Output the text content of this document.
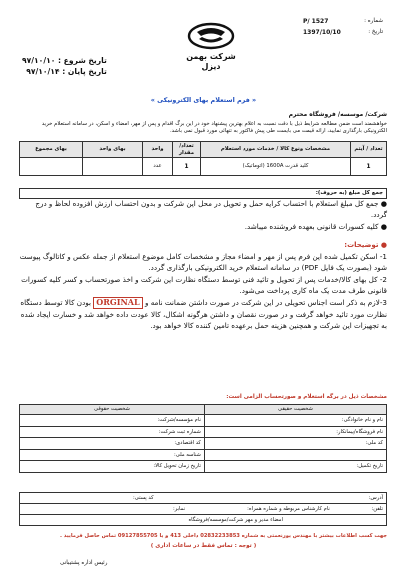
شماره :
P/ 1527
تاریخ :
1397/10/10
شرکت بهمن دیزل
تاریخ شروع : ۹۷/۱۰/۱۰
تاریخ پایان : ۹۷/۱۰/۱۴
« فرم استعلام بهای الکترونیکی »
شرکت/ موسسه/ فروشگاه محترم

خواهشمند است ضمن مطالعه شرایط ذیل با دقت نسبت به اعلام بهترین پیشنهاد خود در این برگ اقدام و پس از مهر، امضاء و اسکن، در سامانه استعلام خرید الکترونیکی بارگذاری نمایید، ارائه قیمت می بایست طی پیش فاکتور به تنهائی مورد قبول نمی باشد.

تعداد / آیتم	مشخصات ونوع کالا / خدمات مورد استعلام	تعداد/ مقدار	واحد	بهای واحد	بهای مجموع
1	کلید قدرت 1600A (اتوماتیک)	1	عدد		
جمع کل مبلغ (به حروف):

● جمع کل مبلغ استعلام با احتساب کرایه حمل و تحویل در محل این شرکت و بدون احتساب ارزش افزوده لحاظ و درج گردد.

● کلیه کسورات قانونی بعهده فروشنده میباشد.

● توضیحات:

1- اسکن تکمیل شده این فرم پس از مهر و امضاء مجاز و مشخصات کامل موضوع استعلام از جمله عکس و کاتالوگ پیوست شود (بصورت یک فایل PDF) در سامانه استعلام خرید الکترونیکی بارگذاری گردد.

2- کل بهای کالا/خدمات پس از تحویل و تائید فنی توسط دستگاه نظارت این شرکت و اخذ صورتحساب و کسر کلیه کسورات قانونی طرف مدت یک ماه کاری پرداخت می‌شود.

3-لازم به ذکر است اجناس تحویلی در این شرکت در صورت داشتن ضمانت نامه و ORGINAL بودن کالا توسط دستگاه نظارت مورد تائید خواهد گرفت و در صورت نقصان و داشتن هرگونه اشکال، کالا عودت داده خواهد شد و خسارت ایجاد شده به تجهیزات این شرکت و همچنین هزینه حمل برعهده تامین کننده کالا خواهد بود.

مشخصات ذیل در برگه استعلام و صورتحساب الزامی است:
شخصیت حقیقی	شخصیت حقوقی
نام و نام خانوادگی:	نام مؤسسه/شرکت:
نام فروشگاه/پیمانکار:	شماره ثبت شرکت:
کد ملی:	کد اقتصادی:
	شناسه ملی:
تاریخ تکمیل:	تاریخ زمان تحویل کالا:
آدرس:
کد پستی:

تلفن: نام کارشناس مربوطه و شماره همراه:
نمابر:

امضاء مدیر و مهر شرکت/موسسه/فروشگاه
جهت کسب اطلاعات بیشتر با مهندس یورنعمتی به شماره 02832233853 داخلی 413 و یا 09127855705 تماس حاصل فرمایید .
( توجه : تماس فقط در ساعات اداری )
رئیس اداره پشتیبانی
